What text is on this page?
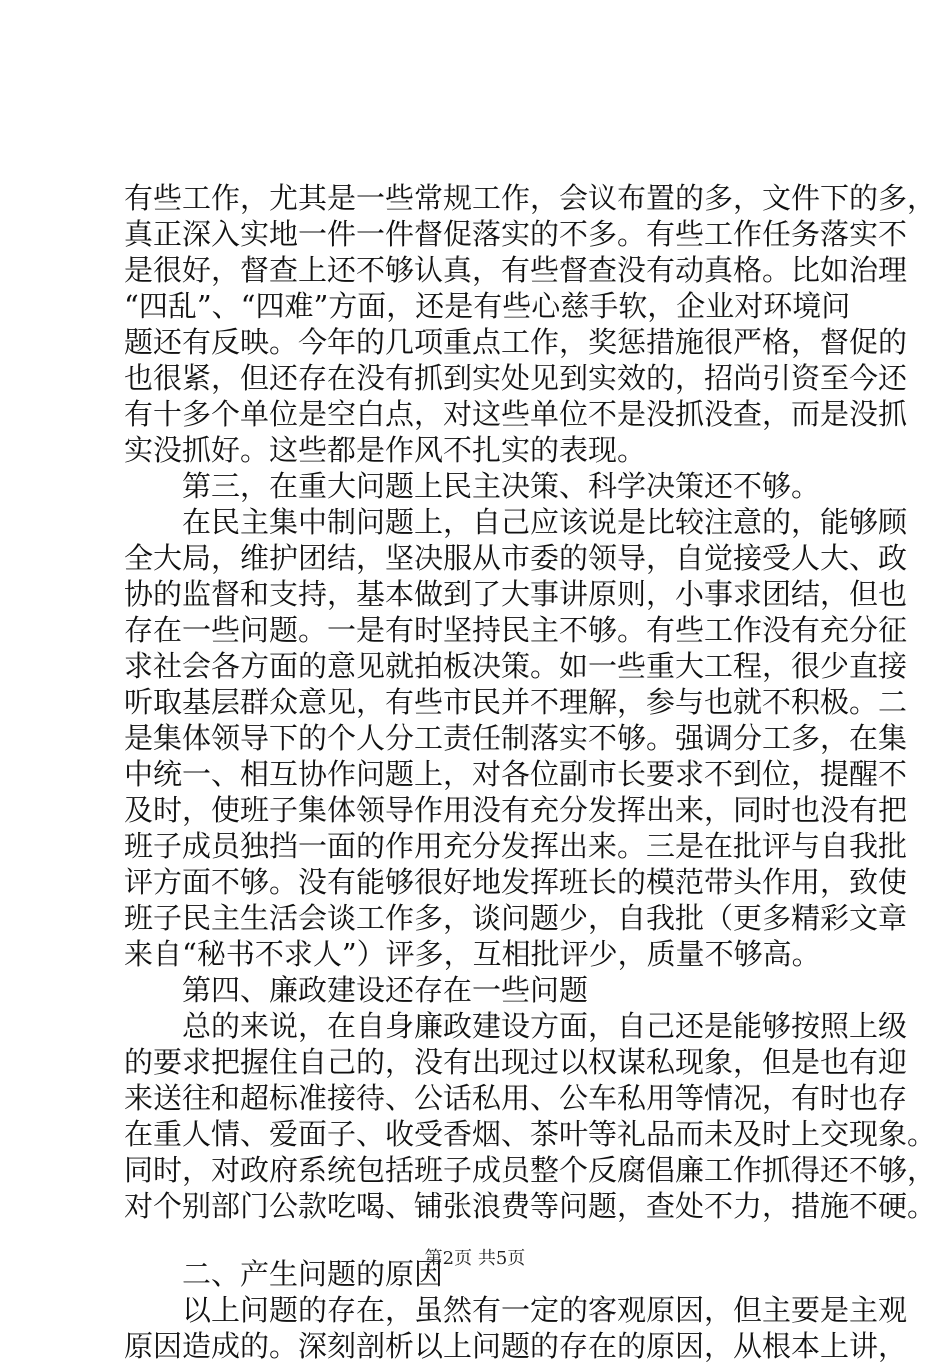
有些工作，尤其是一些常规工作，会议布置的多，文件下的多，
真正深入实地一件一件督促落实的不多。有些工作任务落实不
是很好，督查上还不够认真，有些督查没有动真格。比如治理
“四乱”、“四难”方面，还是有些心慈手软，企业对环境问
题还有反映。今年的几项重点工作，奖惩措施很严格，督促的
也很紧，但还存在没有抓到实处见到实效的，招尚引资至今还
有十多个单位是空白点，对这些单位不是没抓没查，而是没抓
实没抓好。这些都是作风不扎实的表现。
　　第三，在重大问题上民主决策、科学决策还不够。
　　在民主集中制问题上，自己应该说是比较注意的，能够顾
全大局，维护团结，坚决服从市委的领导，自觉接受人大、政
协的监督和支持，基本做到了大事讲原则，小事求团结，但也
存在一些问题。一是有时坚持民主不够。有些工作没有充分征
求社会各方面的意见就拍板决策。如一些重大工程，很少直接
听取基层群众意见，有些市民并不理解，参与也就不积极。二
是集体领导下的个人分工责任制落实不够。强调分工多，在集
中统一、相互协作问题上，对各位副市长要求不到位，提醒不
及时，使班子集体领导作用没有充分发挥出来，同时也没有把
班子成员独挡一面的作用充分发挥出来。三是在批评与自我批
评方面不够。没有能够很好地发挥班长的模范带头作用，致使
班子民主生活会谈工作多，谈问题少，自我批（更多精彩文章
来自“秘书不求人”）评多，互相批评少，质量不够高。
　　第四、廉政建设还存在一些问题
　　总的来说，在自身廉政建设方面，自己还是能够按照上级
的要求把握住自己的，没有出现过以权谋私现象，但是也有迎
来送往和超标准接待、公话私用、公车私用等情况，有时也存
在重人情、爱面子、收受香烟、茶叶等礼品而未及时上交现象。
同时，对政府系统包括班子成员整个反腐倡廉工作抓得还不够，
对个别部门公款吃喝、铺张浪费等问题，查处不力，措施不硬。
　　二、产生问题的原因
　　以上问题的存在，虽然有一定的客观原因，但主要是主观
原因造成的。深刻剖析以上问题的存在的原因，从根本上讲，
第2页 共5页
